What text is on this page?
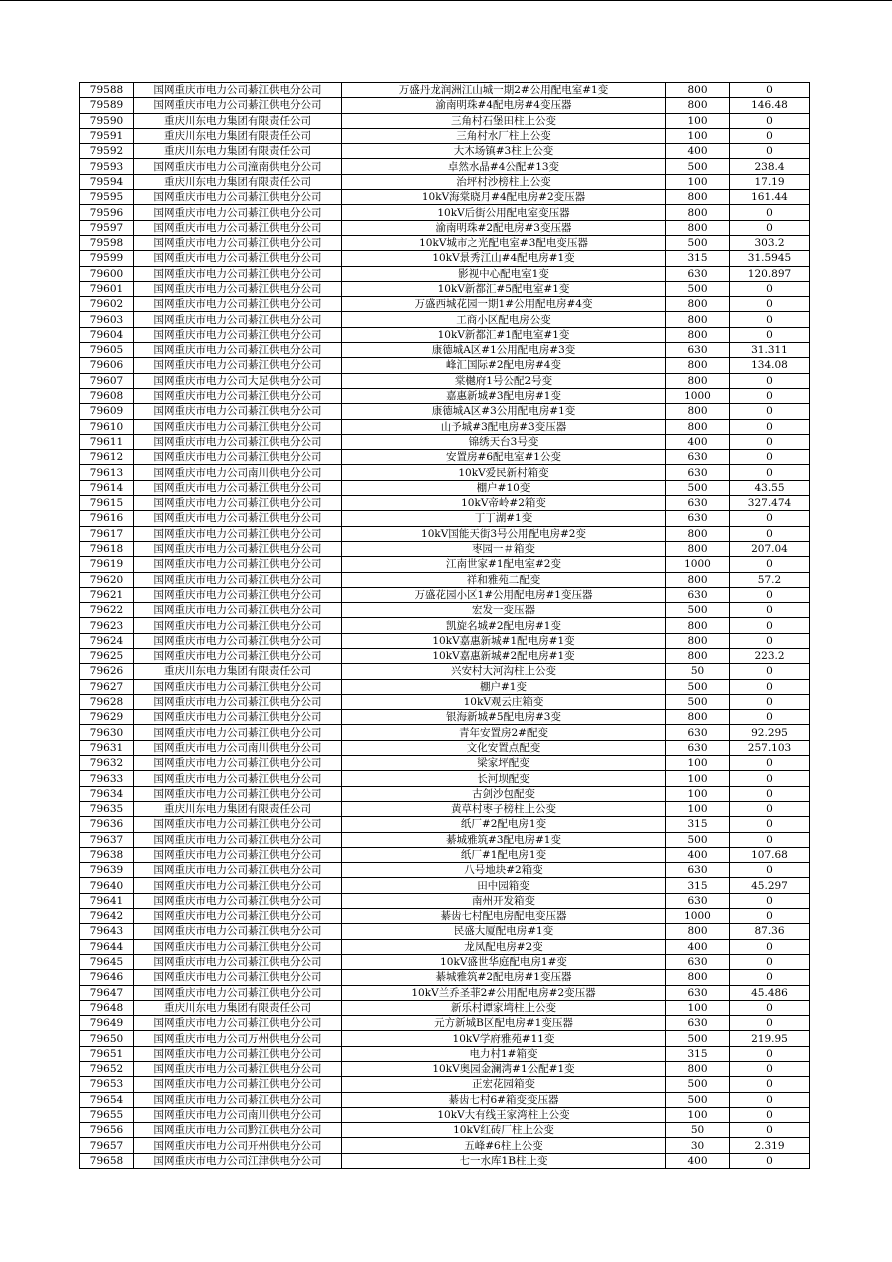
79588	国网重庆市电力公司綦江供电分公司	万盛丹龙润洲江山城一期2#公用配电室#1变	800	0
79589	国网重庆市电力公司綦江供电分公司	渝南明珠#4配电房#4变压器	800	146.48
79590	重庆川东电力集团有限责任公司	三角村石堡田柱上公变	100	0
79591	重庆川东电力集团有限责任公司	三角村水厂柱上公变	100	0
79592	重庆川东电力集团有限责任公司	大木场镇#3柱上公变	400	0
79593	国网重庆市电力公司潼南供电分公司	卓然水晶#4公配#13变	500	238.4
79594	重庆川东电力集团有限责任公司	治坪村沙榜柱上公变	100	17.19
79595	国网重庆市电力公司綦江供电分公司	10kV海棠晓月#4配电房#2变压器	800	161.44
79596	国网重庆市电力公司綦江供电分公司	10kV后街公用配电室变压器	800	0
79597	国网重庆市电力公司綦江供电分公司	渝南明珠#2配电房#3变压器	800	0
79598	国网重庆市电力公司綦江供电分公司	10kV城市之光配电室#3配电变压器	500	303.2
79599	国网重庆市电力公司綦江供电分公司	10kV景秀江山#4配电房#1变	315	31.5945
79600	国网重庆市电力公司綦江供电分公司	影视中心配电室1变	630	120.897
79601	国网重庆市电力公司綦江供电分公司	10kV新都汇#5配电室#1变	500	0
79602	国网重庆市电力公司綦江供电分公司	万盛西城花园一期1#公用配电房#4变	800	0
79603	国网重庆市电力公司綦江供电分公司	工商小区配电房公变	800	0
79604	国网重庆市电力公司綦江供电分公司	10kV新都汇#1配电室#1变	800	0
79605	国网重庆市电力公司綦江供电分公司	康德城A区#1公用配电房#3变	630	31.311
79606	国网重庆市电力公司綦江供电分公司	峰汇国际#2配电房#4变	800	134.08
79607	国网重庆市电力公司大足供电分公司	棠樾府1号公配2号变	800	0
79608	国网重庆市电力公司綦江供电分公司	嘉惠新城#3配电房#1变	1000	0
79609	国网重庆市电力公司綦江供电分公司	康德城A区#3公用配电房#1变	800	0
79610	国网重庆市电力公司綦江供电分公司	山予城#3配电房#3变压器	800	0
79611	国网重庆市电力公司綦江供电分公司	锦绣天台3号变	400	0
79612	国网重庆市电力公司綦江供电分公司	安置房#6配电室#1公变	630	0
79613	国网重庆市电力公司南川供电分公司	10kV爱民新村箱变	630	0
79614	国网重庆市电力公司綦江供电分公司	棚户#10变	500	43.55
79615	国网重庆市电力公司綦江供电分公司	10kV帝岭#2箱变	630	327.474
79616	国网重庆市电力公司綦江供电分公司	丁丁湖#1变	630	0
79617	国网重庆市电力公司綦江供电分公司	10kV国能天街3号公用配电房#2变	800	0
79618	国网重庆市电力公司綦江供电分公司	枣园一＃箱变	800	207.04
79619	国网重庆市电力公司綦江供电分公司	江南世家#1配电室#2变	1000	0
79620	国网重庆市电力公司綦江供电分公司	祥和雅苑二配变	800	57.2
79621	国网重庆市电力公司綦江供电分公司	万盛花园小区1#公用配电房#1变压器	630	0
79622	国网重庆市电力公司綦江供电分公司	宏发一变压器	500	0
79623	国网重庆市电力公司綦江供电分公司	凯旋名城#2配电房#1变	800	0
79624	国网重庆市电力公司綦江供电分公司	10kV嘉惠新城#1配电房#1变	800	0
79625	国网重庆市电力公司綦江供电分公司	10kV嘉惠新城#2配电房#1变	800	223.2
79626	重庆川东电力集团有限责任公司	兴安村大河沟柱上公变	50	0
79627	国网重庆市电力公司綦江供电分公司	棚户#1变	500	0
79628	国网重庆市电力公司綦江供电分公司	10kV观云庄箱变	500	0
79629	国网重庆市电力公司綦江供电分公司	银海新城#5配电房#3变	800	0
79630	国网重庆市电力公司綦江供电分公司	青年安置房2#配变	630	92.295
79631	国网重庆市电力公司南川供电分公司	文化安置点配变	630	257.103
79632	国网重庆市电力公司綦江供电分公司	梁家坪配变	100	0
79633	国网重庆市电力公司綦江供电分公司	长河坝配变	100	0
79634	国网重庆市电力公司綦江供电分公司	古剑沙包配变	100	0
79635	重庆川东电力集团有限责任公司	黄草村枣子榜柱上公变	100	0
79636	国网重庆市电力公司綦江供电分公司	纸厂#2配电房1变	315	0
79637	国网重庆市电力公司綦江供电分公司	綦城雅筑#3配电房#1变	500	0
79638	国网重庆市电力公司綦江供电分公司	纸厂#1配电房1变	400	107.68
79639	国网重庆市电力公司綦江供电分公司	八号地块#2箱变	630	0
79640	国网重庆市电力公司綦江供电分公司	田中园箱变	315	45.297
79641	国网重庆市电力公司綦江供电分公司	南州开发箱变	630	0
79642	国网重庆市电力公司綦江供电分公司	綦齿七村配电房配电变压器	1000	0
79643	国网重庆市电力公司綦江供电分公司	民盛大厦配电房#1变	800	87.36
79644	国网重庆市电力公司綦江供电分公司	龙凤配电房#2变	400	0
79645	国网重庆市电力公司綦江供电分公司	10kV盛世华庭配电房1#变	630	0
79646	国网重庆市电力公司綦江供电分公司	綦城雅筑#2配电房#1变压器	800	0
79647	国网重庆市电力公司綦江供电分公司	10kV兰乔圣菲2#公用配电房#2变压器	630	45.486
79648	重庆川东电力集团有限责任公司	新乐村谭家塆柱上公变	100	0
79649	国网重庆市电力公司綦江供电分公司	元方新城B区配电房#1变压器	630	0
79650	国网重庆市电力公司万州供电分公司	10kV学府雅苑#11变	500	219.95
79651	国网重庆市电力公司綦江供电分公司	电力村1#箱变	315	0
79652	国网重庆市电力公司綦江供电分公司	10kV奥园金澜湾#1公配#1变	800	0
79653	国网重庆市电力公司綦江供电分公司	正宏花园箱变	500	0
79654	国网重庆市电力公司綦江供电分公司	綦齿七村6#箱变变压器	500	0
79655	国网重庆市电力公司南川供电分公司	10kV大有线王家湾柱上公变	100	0
79656	国网重庆市电力公司黔江供电分公司	10kV红砖厂柱上公变	50	0
79657	国网重庆市电力公司开州供电分公司	五峰#6柱上公变	30	2.319
79658	国网重庆市电力公司江津供电分公司	七一水库1B柱上变	400	0
